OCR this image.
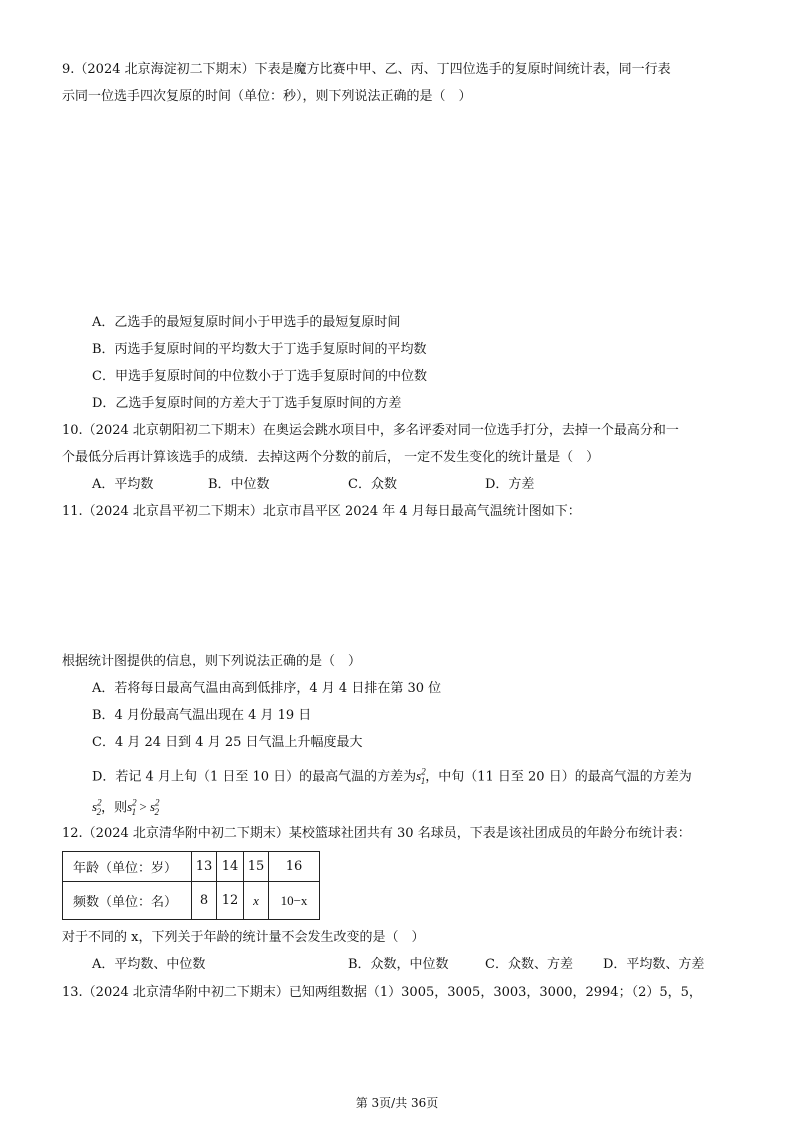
9.（2024 北京海淀初二下期末）下表是魔方比赛中甲、乙、丙、丁四位选手的复原时间统计表，同一行表
示同一位选手四次复原的时间（单位：秒），则下列说法正确的是（　）
A．乙选手的最短复原时间小于甲选手的最短复原时间
B．丙选手复原时间的平均数大于丁选手复原时间的平均数
C．甲选手复原时间的中位数小于丁选手复原时间的中位数
D．乙选手复原时间的方差大于丁选手复原时间的方差
10.（2024 北京朝阳初二下期末）在奥运会跳水项目中，多名评委对同一位选手打分，去掉一个最高分和一
个最低分后再计算该选手的成绩．去掉这两个分数的前后， 一定不发生变化的统计量是（　）
A．平均数	B．中位数	C．众数	D．方差
11.（2024 北京昌平初二下期末）北京市昌平区 2024 年 4 月每日最高气温统计图如下：
根据统计图提供的信息，则下列说法正确的是（　）
A．若将每日最高气温由高到低排序，4 月 4 日排在第 30 位
B．4 月份最高气温出现在 4 月 19 日
C．4 月 24 日到 4 月 25 日气温上升幅度最大
D．若记 4 月上旬（1 日至 10 日）的最高气温的方差为$s^2_1$，中旬（11 日至 20 日）的最高气温的方差为
$s^2_2$，则$s^2_1 > s^2_2$
12.（2024 北京清华附中初二下期末）某校篮球社团共有 30 名球员，下表是该社团成员的年龄分布统计表：
年龄（单位：岁）	13	14	15	16
频数（单位：名）	8	12	x	10−x
对于不同的 x，下列关于年龄的统计量不会发生改变的是（　）
A．平均数、中位数	B．众数，中位数	C．众数、方差 D．平均数、方差
13.（2024 北京清华附中初二下期末）已知两组数据（1）3005，3005，3003，3000，2994；（2）5，5，
第 3页/共 36页
